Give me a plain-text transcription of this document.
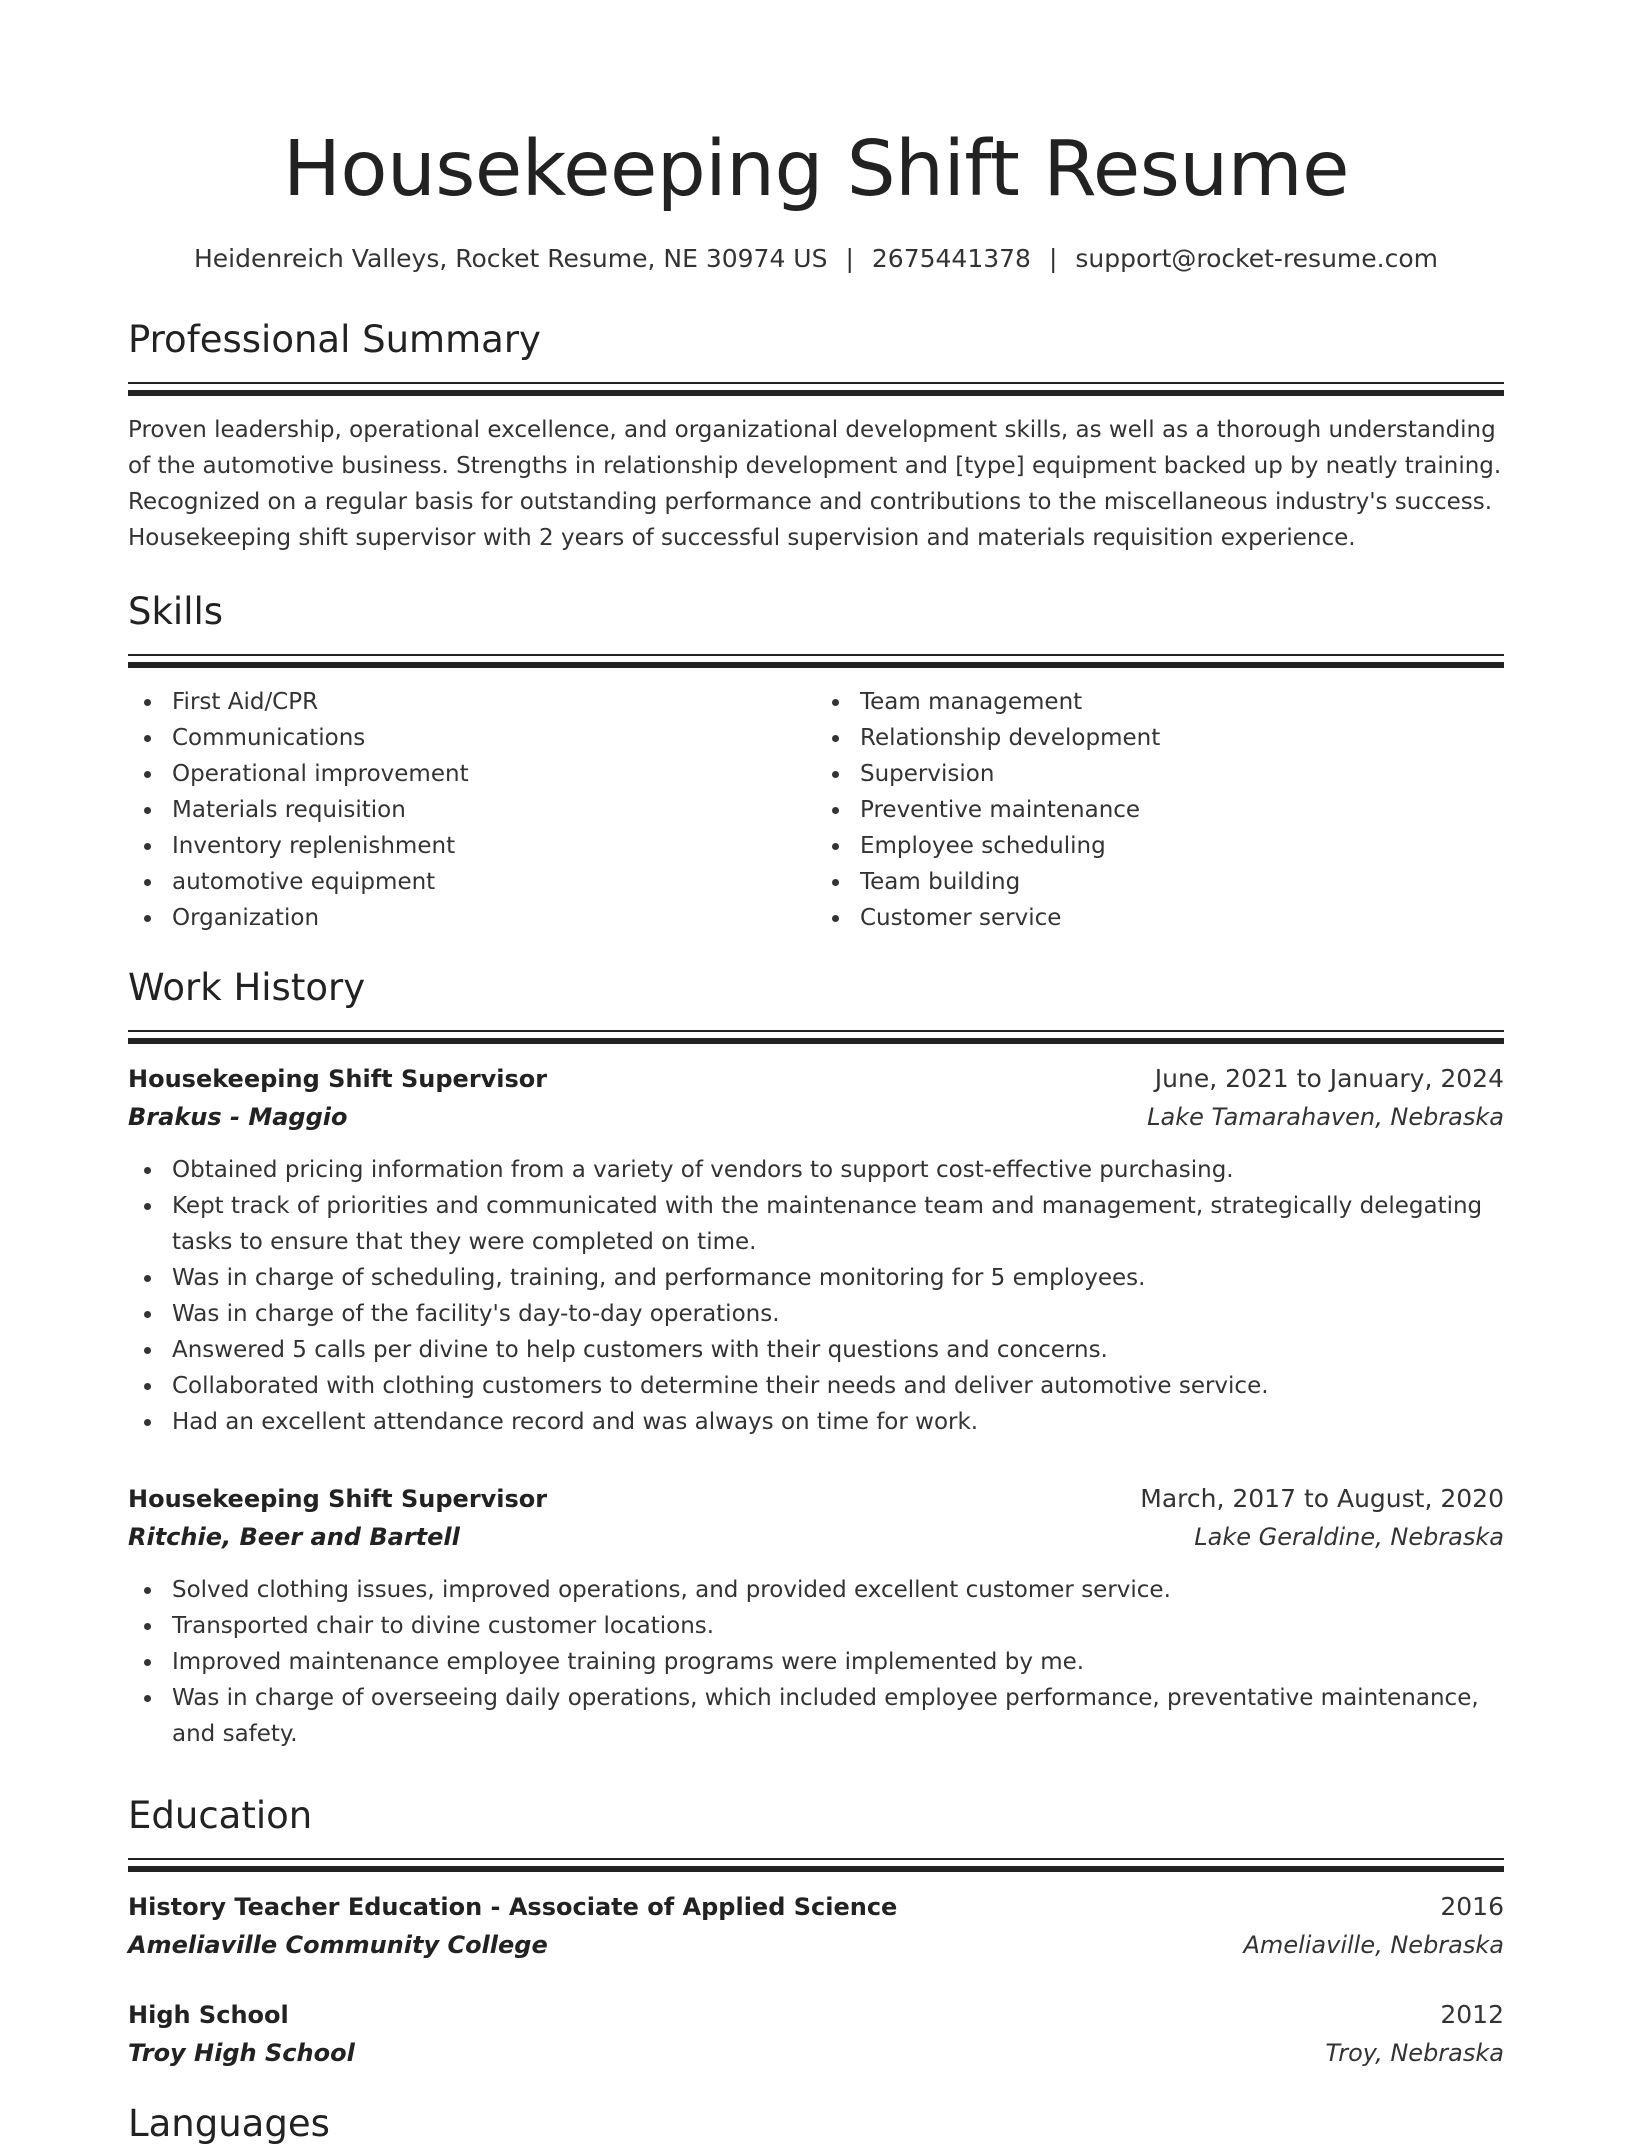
Housekeeping Shift Resume
Heidenreich Valleys, Rocket Resume, NE 30974 US | 2675441378 | support@rocket-resume.com
Professional Summary

Proven leadership, operational excellence, and organizational development skills, as well as a thorough understanding of the automotive business. Strengths in relationship development and [type] equipment backed up by neatly training. Recognized on a regular basis for outstanding performance and contributions to the miscellaneous industry's success. Housekeeping shift supervisor with 2 years of successful supervision and materials requisition experience.

Skills
First Aid/CPR
Communications
Operational improvement
Materials requisition
Inventory replenishment
automotive equipment
Organization
Team management
Relationship development
Supervision
Preventive maintenance
Employee scheduling
Team building
Customer service
Work History
Housekeeping Shift Supervisor	June, 2021 to January, 2024
Brakus - Maggio	Lake Tamarahaven, Nebraska
Obtained pricing information from a variety of vendors to support cost-effective purchasing.
Kept track of priorities and communicated with the maintenance team and management, strategically delegating tasks to ensure that they were completed on time.
Was in charge of scheduling, training, and performance monitoring for 5 employees.
Was in charge of the facility's day-to-day operations.
Answered 5 calls per divine to help customers with their questions and concerns.
Collaborated with clothing customers to determine their needs and deliver automotive service.
Had an excellent attendance record and was always on time for work.
Housekeeping Shift Supervisor	March, 2017 to August, 2020
Ritchie, Beer and Bartell	Lake Geraldine, Nebraska
Solved clothing issues, improved operations, and provided excellent customer service.
Transported chair to divine customer locations.
Improved maintenance employee training programs were implemented by me.
Was in charge of overseeing daily operations, which included employee performance, preventative maintenance, and safety.
Education
History Teacher Education - Associate of Applied Science	2016
Ameliaville Community College	Ameliaville, Nebraska
High School	2012
Troy High School	Troy, Nebraska
Languages
